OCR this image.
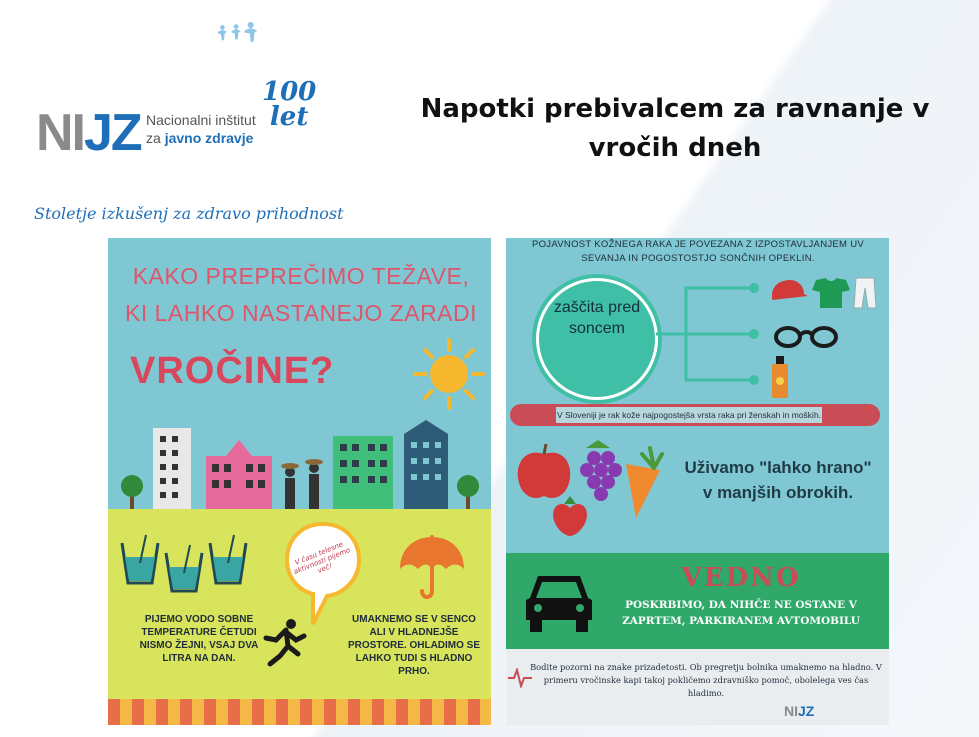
NIJZ Nacionalni inštitut
za javno zdravje
100
let
Stoletje izkušenj za zdravo prihodnost
Napotki prebivalcem za ravnanje v vročih dneh
KAKO PREPREČIMO TEŽAVE, KI LAHKO NASTANEJO ZARADI
VROČINE?
V času telesne aktivnosti pijemo več!
PIJEMO VODO SOBNE TEMPERATURE ČETUDI NISMO ŽEJNI, VSAJ DVA LITRA NA DAN.
UMAKNEMO SE V SENCO ALI V HLADNEJŠE PROSTORE. OHLADIMO SE LAHKO TUDI S HLADNO PRHO.
POJAVNOST KOŽNEGA RAKA JE POVEZANA Z IZPOSTAVLJANJEM UV SEVANJA IN POGOSTOSTJO SONČNIH OPEKLIN.
zaščita pred soncem
V Sloveniji je rak kože najpogostejša vrsta raka pri ženskah in moških.
Uživamo "lahko hrano" v manjših obrokih.
VEDNO
POSKRBIMO, DA NIHČE NE OSTANE V ZAPRTEM, PARKIRANEM AVTOMOBILU
Bodite pozorni na znake prizadetosti. Ob pregretju bolnika umaknemo na hladno. V primeru vročinske kapi takoj pokličemo zdravniško pomoč, obolelega ves čas hladimo.
NIJZ
